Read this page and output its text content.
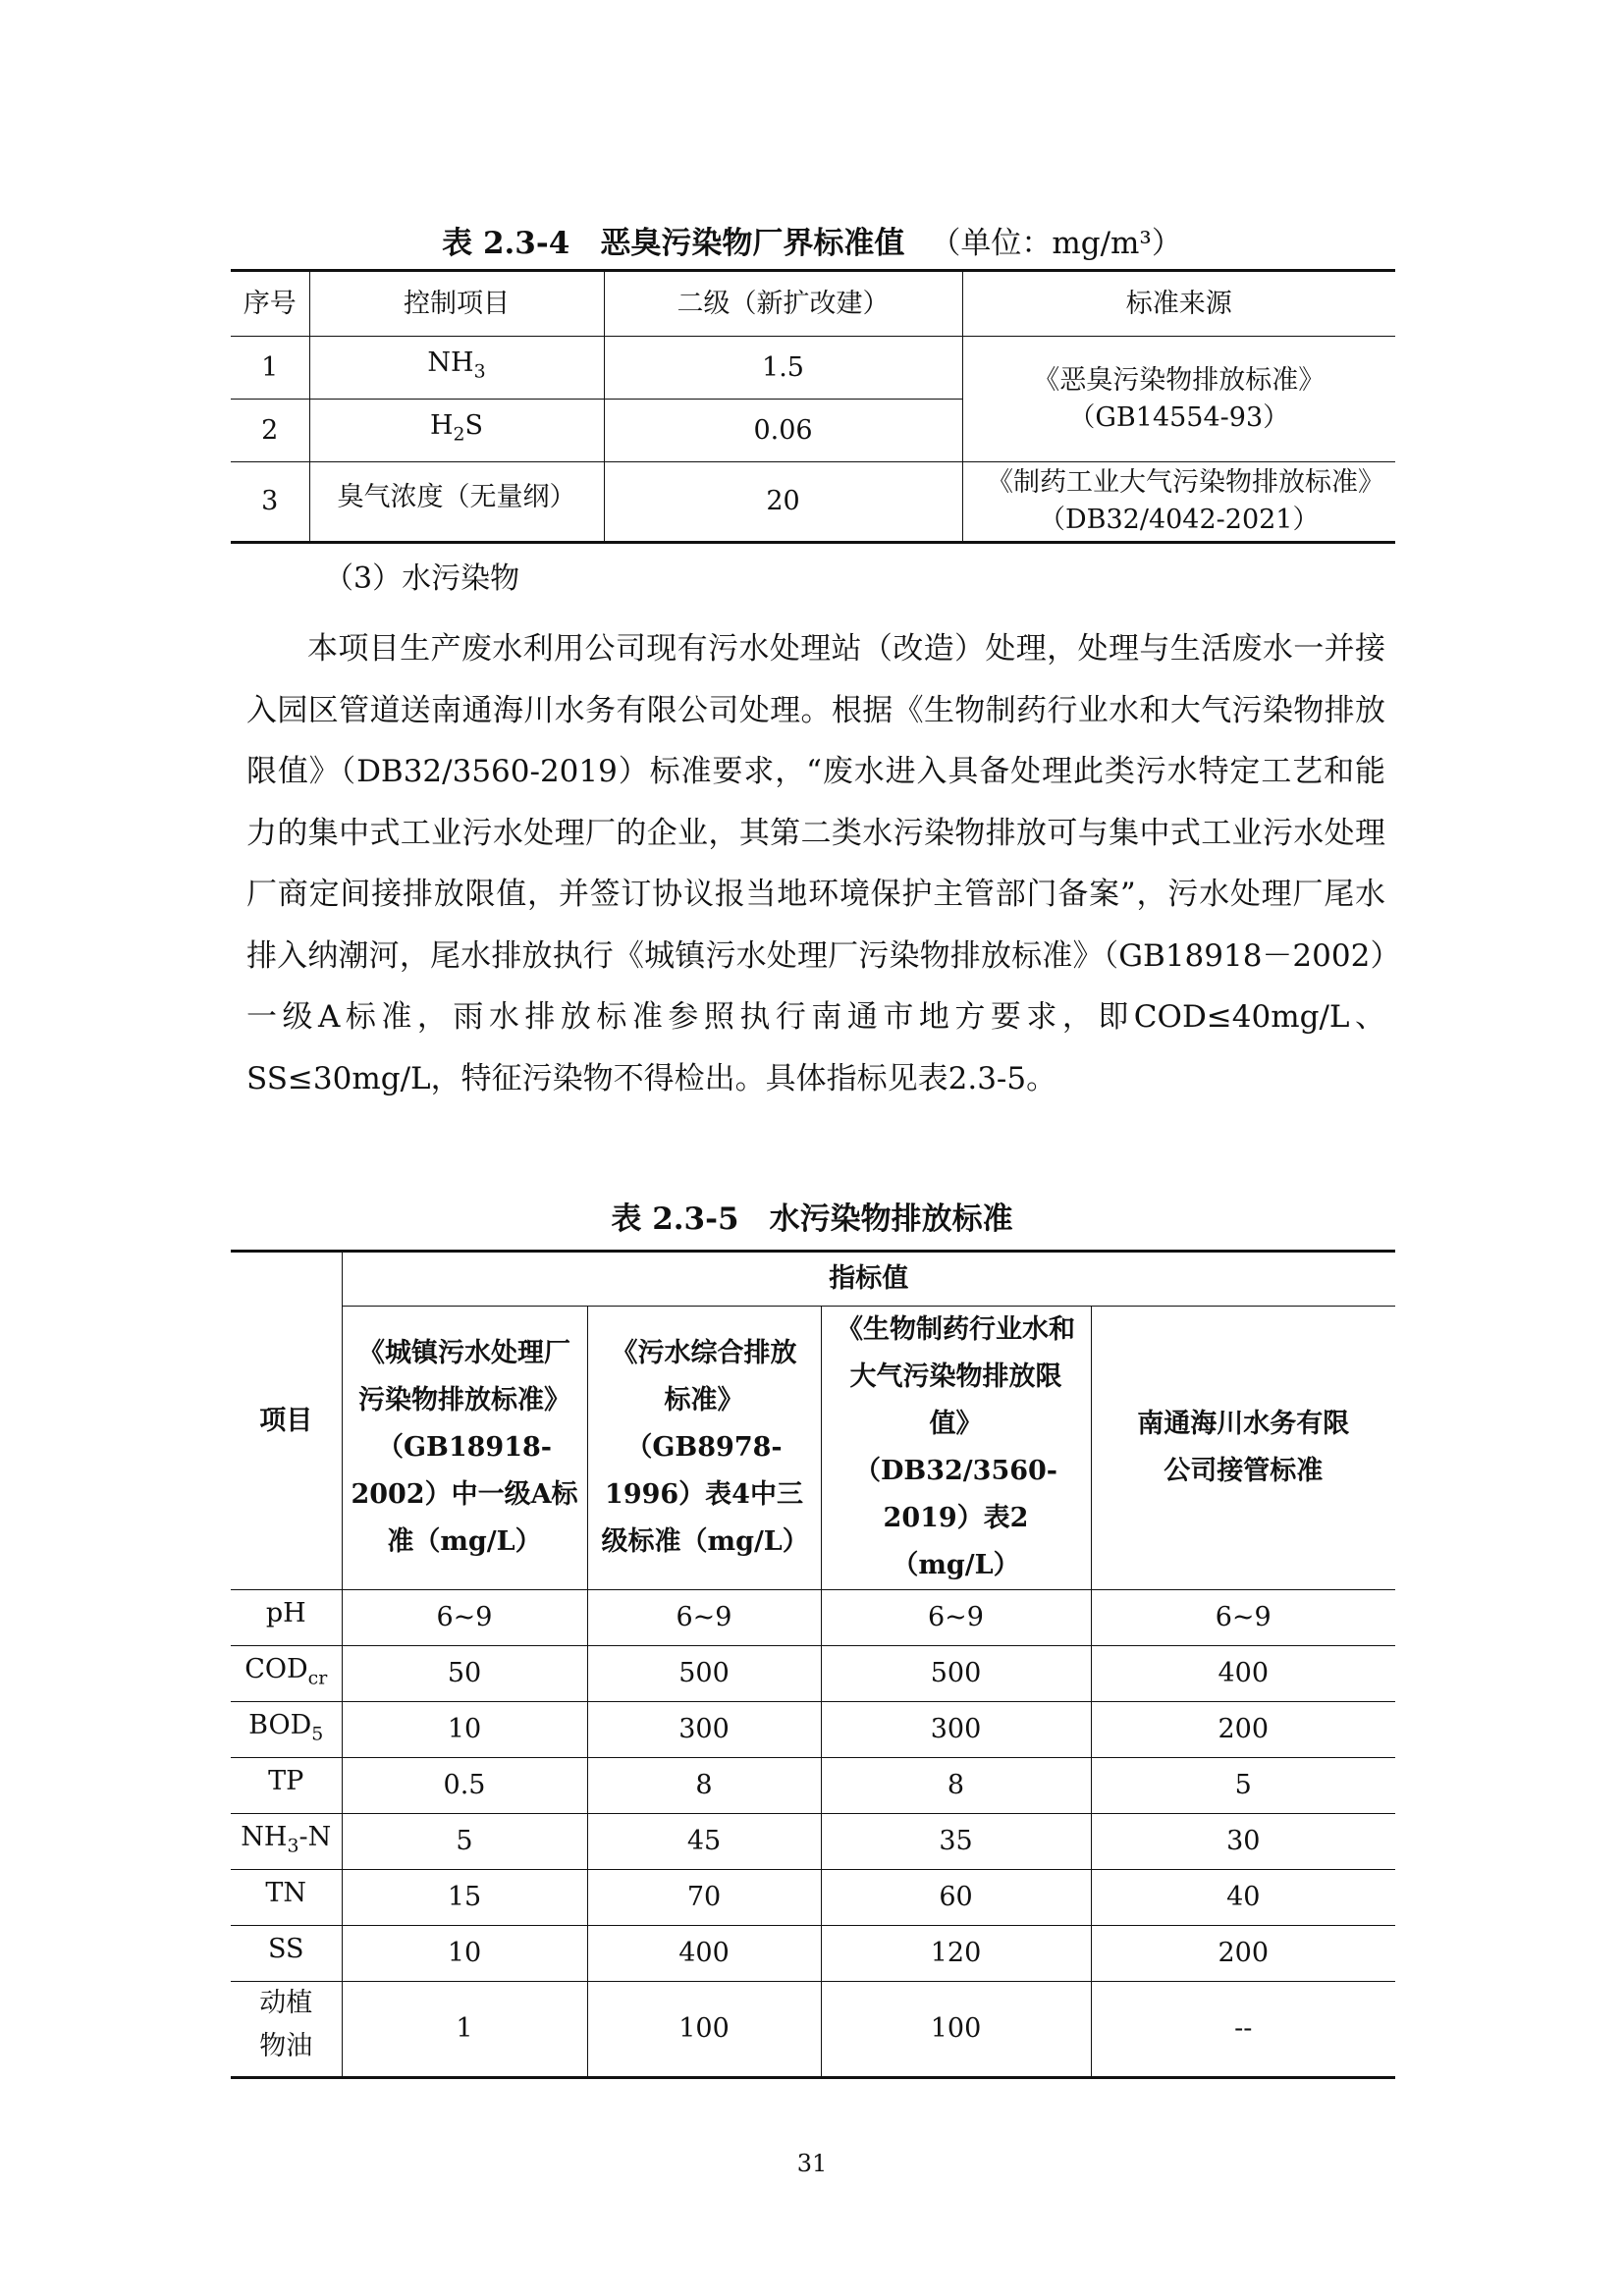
表 2.3-4　 恶臭污染物厂界标准值 （单位：mg/m³）
序号	控制项目	二级（新扩改建）	标准来源
1	$NH_3$	1.5	《恶臭污染物排放标准》（GB14554-93）
2	$H_2S$	0.06	
3	臭气浓度（无量纲）	20	《制药工业大气污染物排放标准》（DB32/4042-2021）
（3）水污染物
本项目生产废水利用公司现有污水处理站（改造）处理，处理与生活废水一并接入园区管道送南通海川水务有限公司处理。根据《生物制药行业水和大气污染物排放限值》（DB32/3560-2019）标准要求，“废水进入具备处理此类污水特定工艺和能力的集中式工业污水处理厂的企业，其第二类水污染物排放可与集中式工业污水处理厂商定间接排放限值，并签订协议报当地环境保护主管部门备案”，污水处理厂尾水排入纳潮河，尾水排放执行《城镇污水处理厂污染物排放标准》（GB18918－2002）一级A标准，雨水排放标准参照执行南通市地方要求，即COD≤40mg/L、SS≤30mg/L，特征污染物不得检出。具体指标见表2.3-5。
表 2.3-5　水污染物排放标准
项目	指标值			
	《城镇污水处理厂污染物排放标准》（GB18918-2002）中一级A标准（mg/L）	《污水综合排放标准》（GB8978-1996）表4中三级标准（mg/L）	《生物制药行业水和大气污染物排放限值》（DB32/3560-2019）表2（mg/L）	南通海川水务有限公司接管标准
pH	6~9	6~9	6~9	6~9
$COD_{cr}$	50	500	500	400
$BOD_5$	10	300	300	200
TP	0.5	8	8	5
$NH_3-N$	5	45	35	30
TN	15	70	60	40
SS	10	400	120	200
动植物油	1	100	100	--
31
